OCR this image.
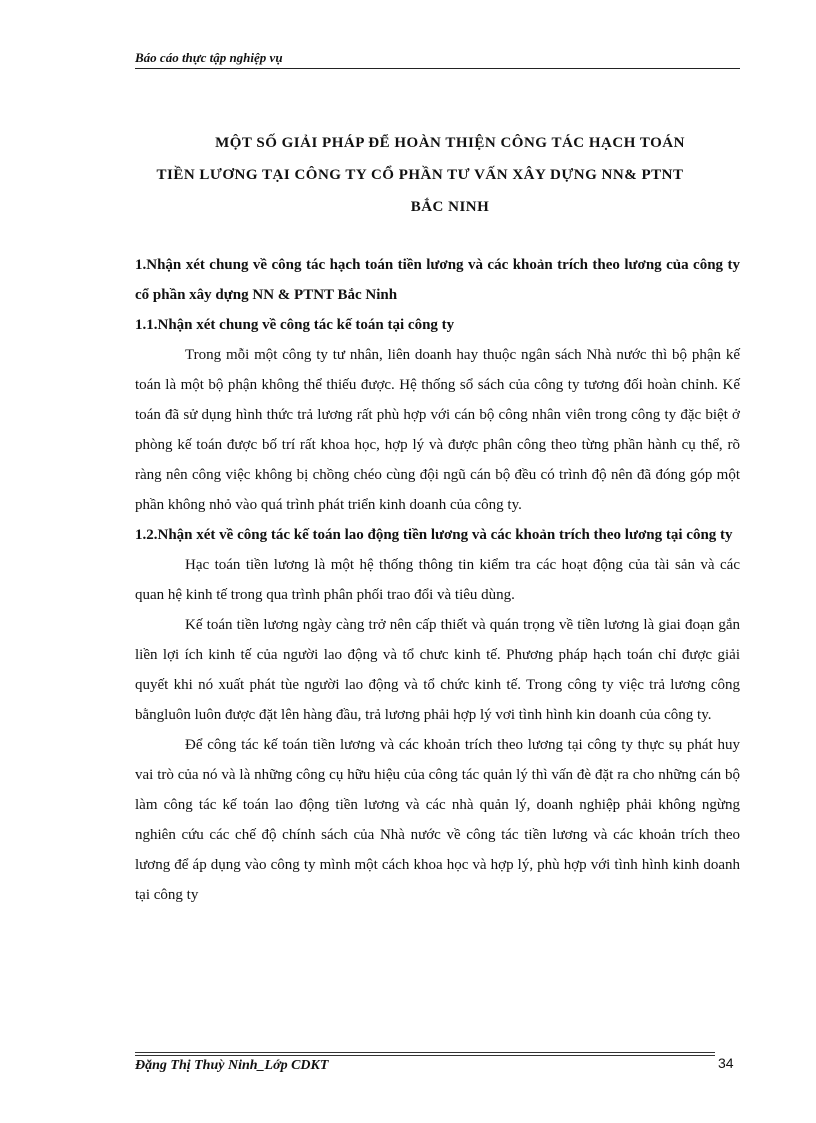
Báo cáo thực tập nghiệp vụ
MỘT SỐ GIẢI PHÁP ĐỂ HOÀN THIỆN CÔNG TÁC HẠCH TOÁN
TIỀN LƯƠNG TẠI CÔNG TY CỔ PHẦN TƯ VẤN XÂY DỰNG NN& PTNT
BẮC NINH
1.Nhận xét chung về công tác hạch toán tiền lương và các khoản trích theo lương của công ty cổ phần xây dựng NN & PTNT Bắc Ninh
1.1.Nhận xét chung về công tác kế toán tại công ty
Trong mỗi một công ty tư nhân, liên doanh hay thuộc ngân sách Nhà nước thì bộ phận kế toán là một bộ phận không thể thiếu được. Hệ thống sổ sách của công ty tương đối hoàn chỉnh. Kế toán đã sử dụng hình thức trả lương rất phù hợp với cán bộ công nhân viên trong công ty đặc biệt ở phòng kế toán được bố trí rất khoa học, hợp lý và được phân công theo từng phần hành cụ thể, rõ ràng nên công việc không bị chồng chéo cùng đội ngũ cán bộ đều có trình độ nên đã đóng góp một phần không nhỏ vào quá trình phát triển kinh doanh của công ty.
1.2.Nhận xét về công tác kế toán lao động tiền lương và các khoản trích theo lương tại công ty
Hạc toán tiền lương là một hệ thống thông tin kiểm tra các hoạt động của tài sản và các quan hệ kinh tế trong qua trình phân phối trao đổi và tiêu dùng.
Kế toán tiền lương ngày càng trở nên cấp thiết và quán trọng về tiền lương là giai đoạn gắn liền lợi ích kinh tế của người lao động và tổ chưc kinh tế. Phương pháp hạch toán chỉ được giải quyết khi nó xuất phát tùe người lao động và tổ chức kinh tế. Trong công ty việc trả lương công bằngluôn luôn được đặt lên hàng đầu, trả lương phải hợp lý vơi tình hình kin doanh của công ty.
Để công tác kế toán tiền lương và các khoản trích theo lương tại công ty thực sụ phát huy vai trò của nó và là những công cụ hữu hiệu của công tác quản lý thì vấn đè đặt ra cho những cán bộ làm công tác kế toán lao động tiền lương và các nhà quản lý, doanh nghiệp phải không ngừng nghiên cứu các chế độ chính sách của Nhà nước về công tác tiền lương và các khoản trích theo lương để áp dụng vào công ty mình một cách khoa học và hợp lý, phù hợp với tình hình kinh doanh tại công ty
Đặng Thị Thuỳ Ninh_Lớp CDKT	34
